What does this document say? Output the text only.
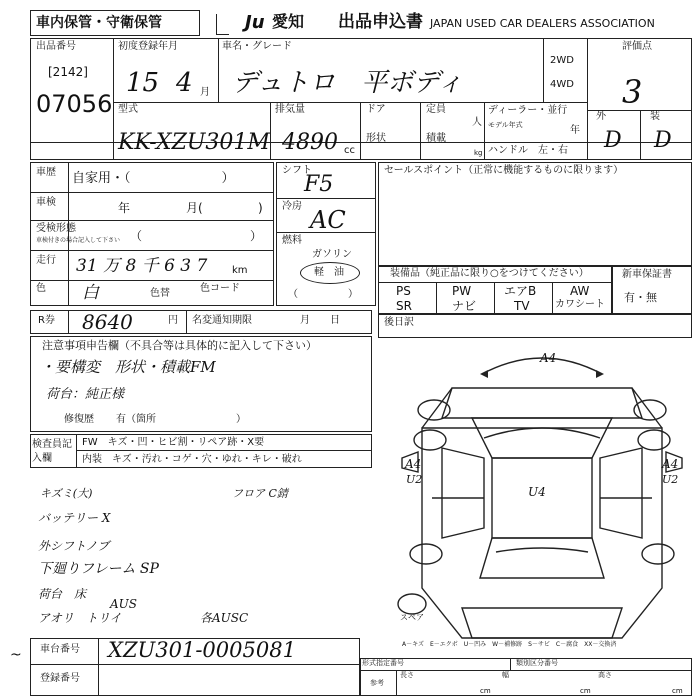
車内保管・守衛保管	Ju 愛知 出品申込書 JAPAN USED CAR DEALERS ASSOCIATION
出品番号
[2142]
07056
初度登録年月
15 4 月
車名・グレード
デュトロ　平ボディ
2WD
4WD
評価点
3
外	装
D D
型式
KK-XZU301M
排気量
4890 cc
ドア
形状
定員
人
積載
kg
ディーラー・並行
モデル年式	年
ハンドル　左・右
車歴 自家用・（　　　　　　　）
車検	年	月(	)
受検形態
車検付きの場合記入して下さい （　　　　　　　　　）
走行 31 万 8 千 6 3 7 km
色 白	色替	色コード
シフト
F5
冷房 AC
燃料
ガソリン
軽　油
（　　　　　）
セールスポイント（正常に機能するものに限ります）
装備品（純正品に限り○をつけてください）
PS	PW	エアB	AW
SR	ナビ	TV	カワシート
新車保証書
有・無
R券 8640	円 名変通知期限	月　　日	後日訳
注意事項申告欄（不具合等は具体的に記入して下さい）
・要構変　形状・積載FM
荷台：純正様
修復歴 有（箇所　　　　　　　　）
検査員記入欄
FW　キズ・凹・ヒビ割・リペア跡・X要
内装　キズ・汚れ・コゲ・穴・ゆれ・キレ・破れ
キズミ(大)	フロア C錆
バッテリー X
外シフトノブ
下廻りフレーム SP
荷台　床
AUS
アオリ　トリイ	各AUSC
車台番号 XZU301-0005081
登録番号
~	形式指定番号	類別区分番号
参考
長さ
cm
幅
cm
高さ
cm
A4
A4
U2
A4
U2
U4
スペア
A－キズ　E－エクボ　U－凹み　W－補修跡　S－サビ　C－腐食　XX－交換済
